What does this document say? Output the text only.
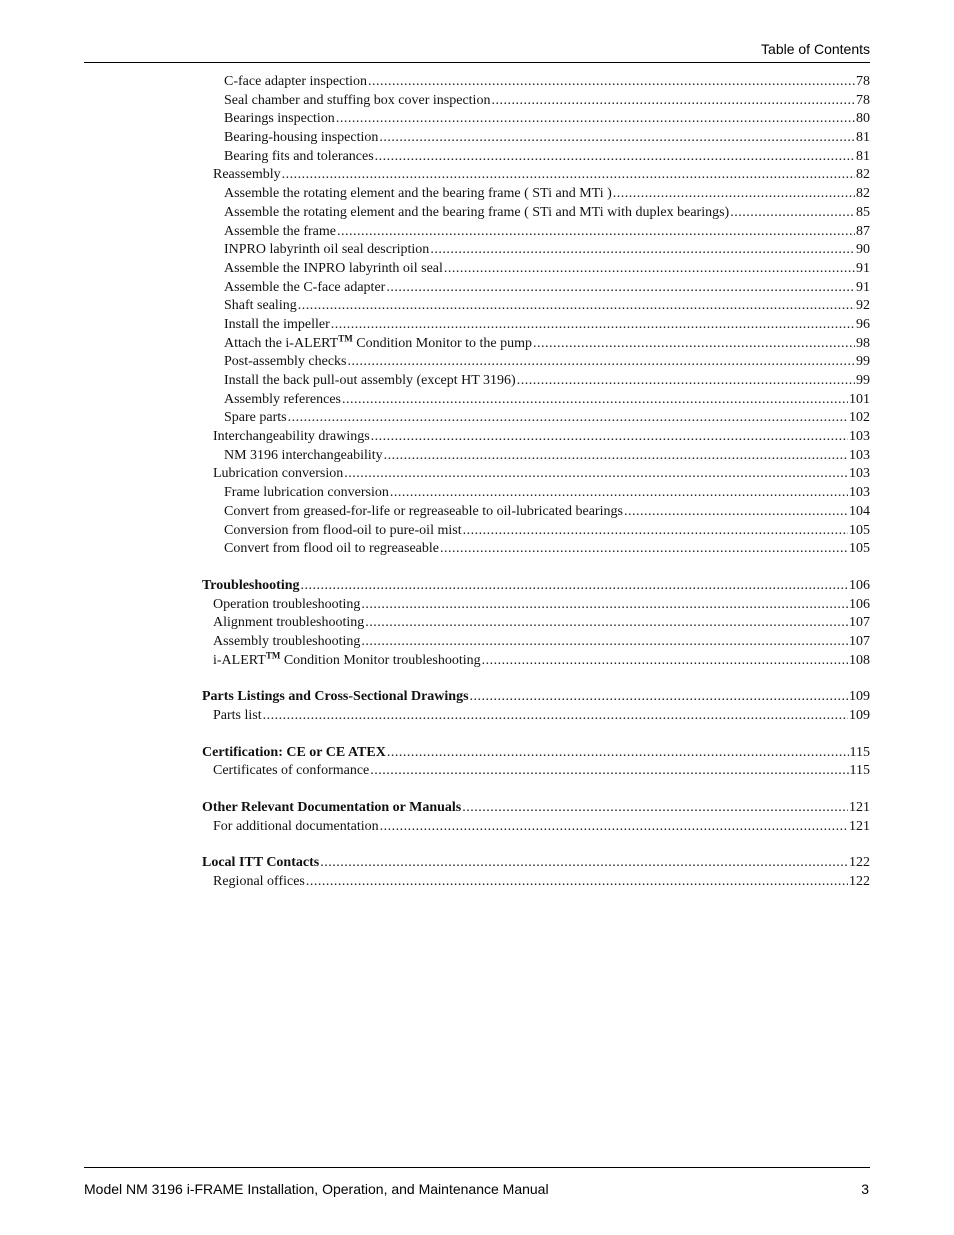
Table of Contents
C-face adapter inspection .....	78
Seal chamber and stuffing box cover inspection .....	78
Bearings inspection .....	80
Bearing-housing inspection .....	81
Bearing fits and tolerances .....	81
Reassembly .....	82
Assemble the rotating element and the bearing frame ( STi and MTi ) .....	82
Assemble the rotating element and the bearing frame ( STi and MTi with duplex bearings) .....	85
Assemble the frame .....	87
INPRO labyrinth oil seal description .....	90
Assemble the INPRO labyrinth oil seal .....	91
Assemble the C-face adapter .....	91
Shaft sealing .....	92
Install the impeller .....	96
Attach the i-ALERT™ Condition Monitor to the pump .....	98
Post-assembly checks .....	99
Install the back pull-out assembly (except HT 3196) .....	99
Assembly references .....	101
Spare parts .....	102
Interchangeability drawings .....	103
NM 3196 interchangeability .....	103
Lubrication conversion .....	103
Frame lubrication conversion .....	103
Convert from greased-for-life or regreaseable to oil-lubricated bearings .....	104
Conversion from flood-oil to pure-oil mist .....	105
Convert from flood oil to regreaseable .....	105
Troubleshooting .....	106
Operation troubleshooting .....	106
Alignment troubleshooting .....	107
Assembly troubleshooting .....	107
i-ALERT™ Condition Monitor troubleshooting .....	108
Parts Listings and Cross-Sectional Drawings .....	109
Parts list .....	109
Certification: CE or CE ATEX .....	115
Certificates of conformance .....	115
Other Relevant Documentation or Manuals .....	121
For additional documentation .....	121
Local ITT Contacts .....	122
Regional offices .....	122
Model NM 3196 i-FRAME Installation, Operation, and Maintenance Manual	3
